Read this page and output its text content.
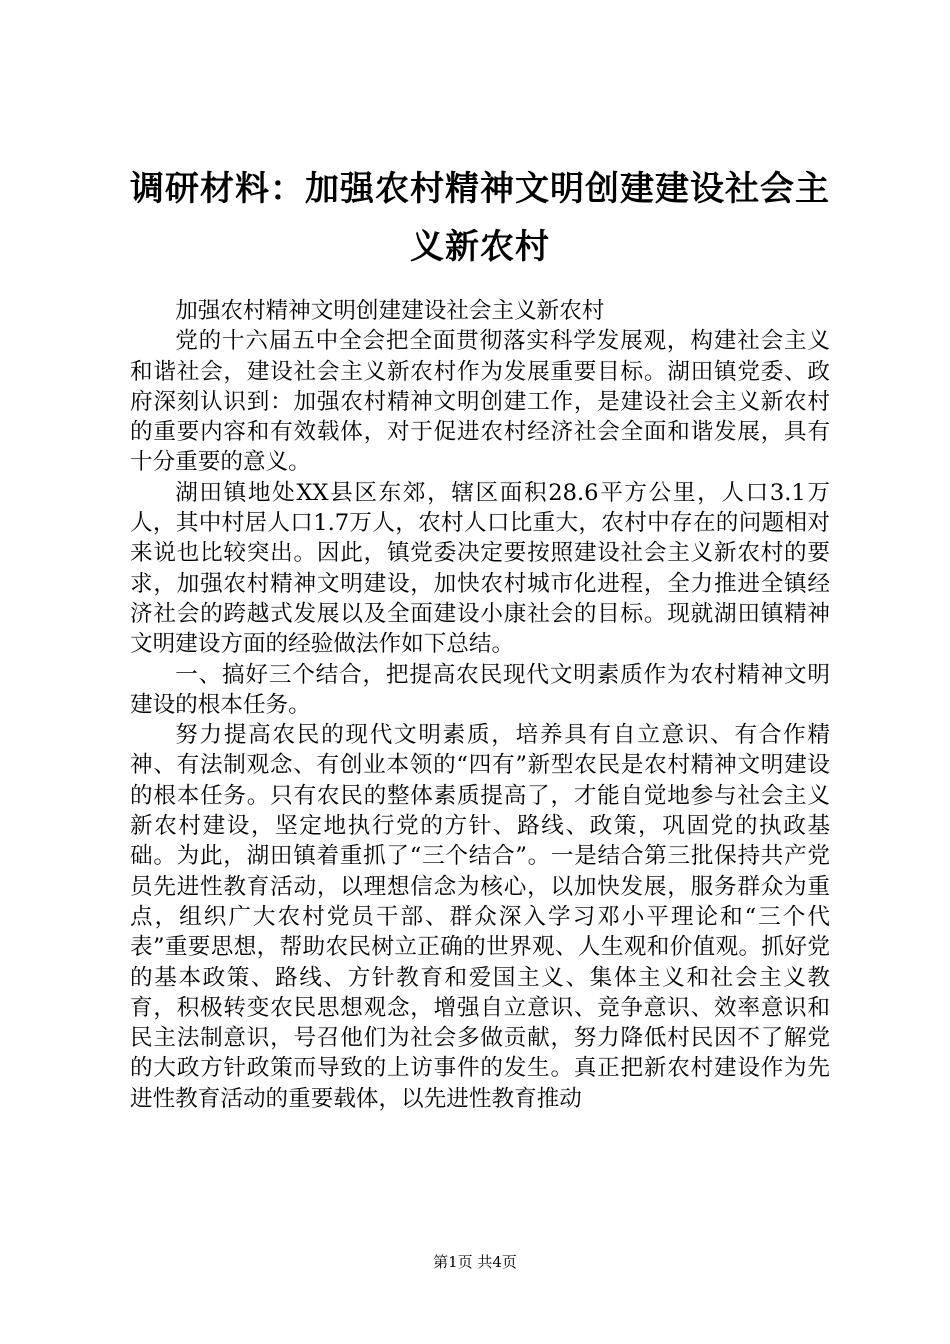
调研材料：加强农村精神文明创建建设社会主
义新农村

加强农村精神文明创建建设社会主义新农村

党的十六届五中全会把全面贯彻落实科学发展观，构建社会主义和谐社会，建设社会主义新农村作为发展重要目标。湖田镇党委、政府深刻认识到：加强农村精神文明创建工作，是建设社会主义新农村的重要内容和有效载体，对于促进农村经济社会全面和谐发展，具有十分重要的意义。

湖田镇地处XX县区东郊，辖区面积28.6平方公里，人口3.1万人，其中村居人口1.7万人，农村人口比重大，农村中存在的问题相对来说也比较突出。因此，镇党委决定要按照建设社会主义新农村的要求，加强农村精神文明建设，加快农村城市化进程，全力推进全镇经济社会的跨越式发展以及全面建设小康社会的目标。现就湖田镇精神文明建设方面的经验做法作如下总结。

一、搞好三个结合，把提高农民现代文明素质作为农村精神文明建设的根本任务。

努力提高农民的现代文明素质，培养具有自立意识、有合作精神、有法制观念、有创业本领的“四有”新型农民是农村精神文明建设的根本任务。只有农民的整体素质提高了，才能自觉地参与社会主义新农村建设，坚定地执行党的方针、路线、政策，巩固党的执政基础。为此，湖田镇着重抓了“三个结合”。一是结合第三批保持共产党员先进性教育活动，以理想信念为核心，以加快发展，服务群众为重点，组织广大农村党员干部、群众深入学习邓小平理论和“三个代表”重要思想，帮助农民树立正确的世界观、人生观和价值观。抓好党的基本政策、路线、方针教育和爱国主义、集体主义和社会主义教育，积极转变农民思想观念，增强自立意识、竞争意识、效率意识和民主法制意识，号召他们为社会多做贡献，努力降低村民因不了解党的大政方针政策而导致的上访事件的发生。真正把新农村建设作为先进性教育活动的重要载体，以先进性教育推动

第1页 共4页
